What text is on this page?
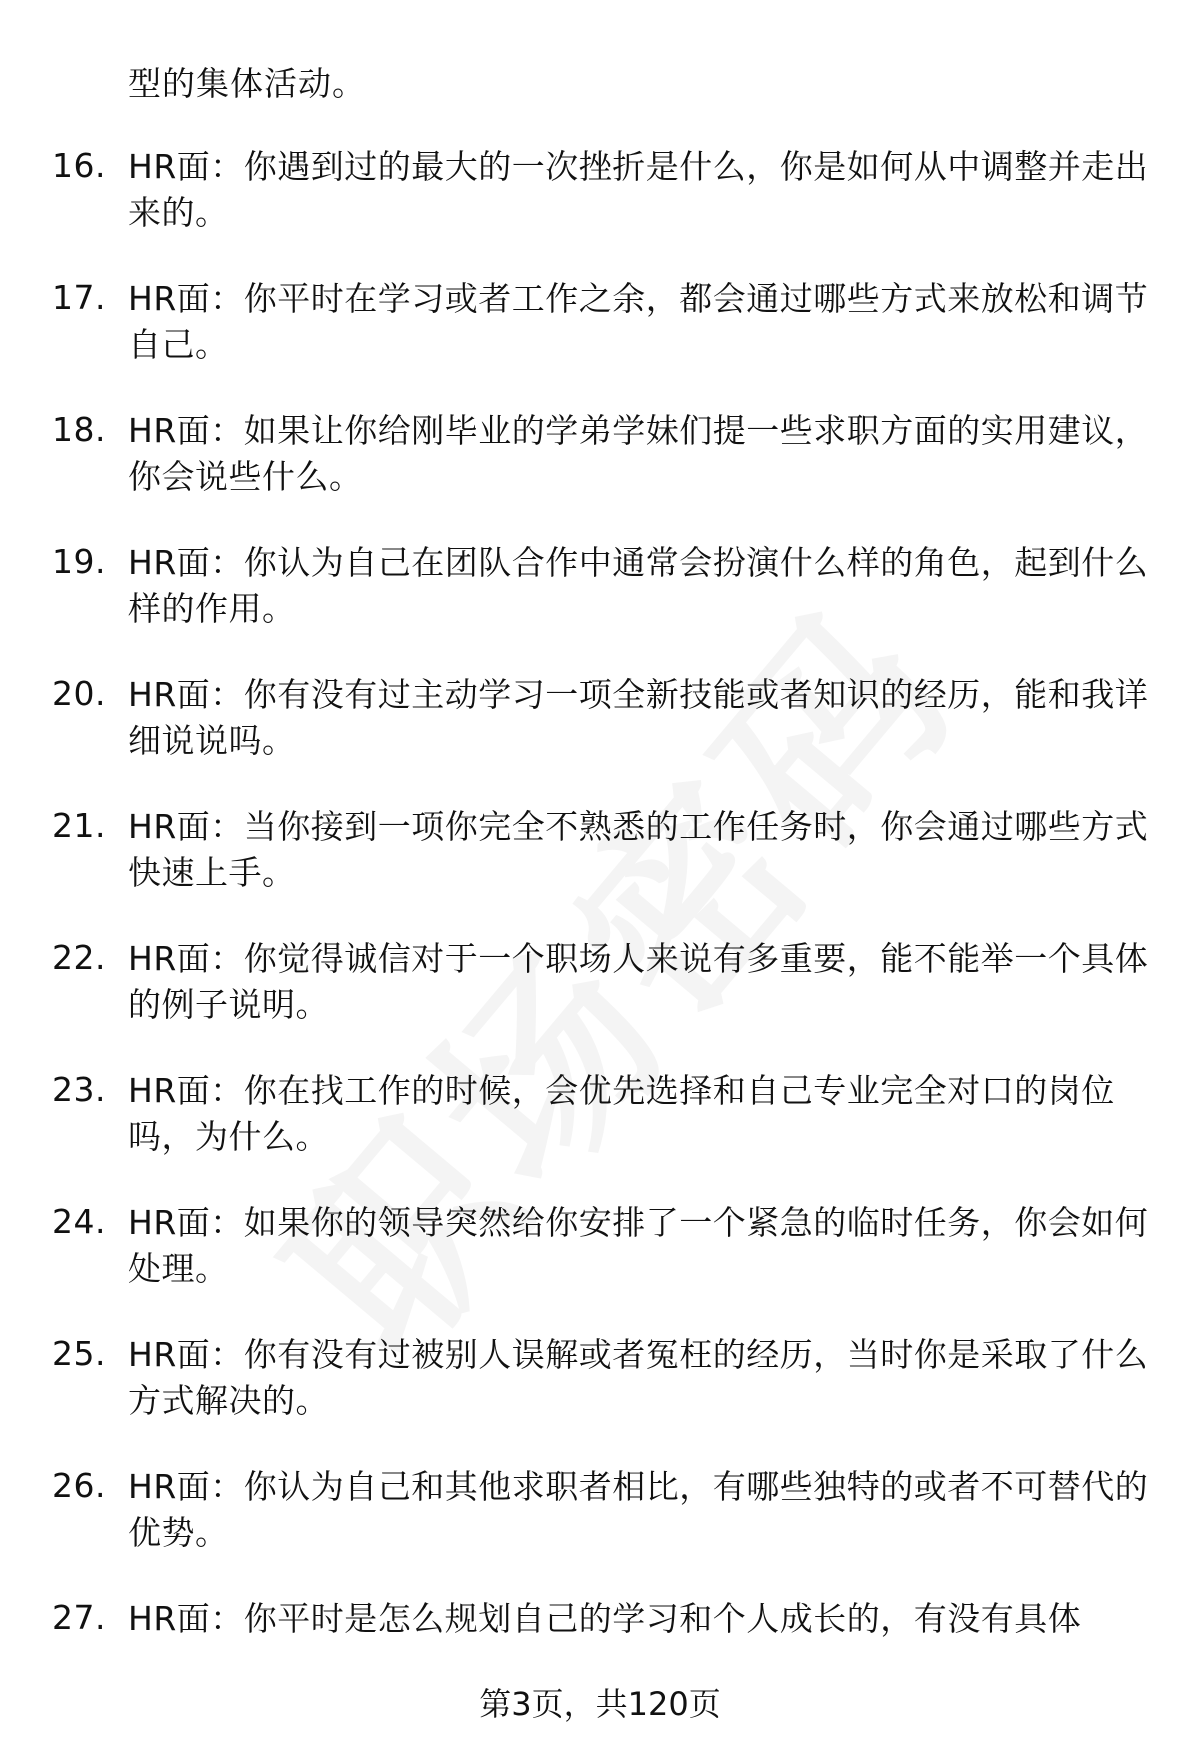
型的集体活动。
16. HR面：你遇到过的最大的一次挫折是什么，你是如何从中调整并走出来的。
17. HR面：你平时在学习或者工作之余，都会通过哪些方式来放松和调节自己。
18. HR面：如果让你给刚毕业的学弟学妹们提一些求职方面的实用建议，你会说些什么。
19. HR面：你认为自己在团队合作中通常会扮演什么样的角色，起到什么样的作用。
20. HR面：你有没有过主动学习一项全新技能或者知识的经历，能和我详细说说吗。
21. HR面：当你接到一项你完全不熟悉的工作任务时，你会通过哪些方式快速上手。
22. HR面：你觉得诚信对于一个职场人来说有多重要，能不能举一个具体的例子说明。
23. HR面：你在找工作的时候，会优先选择和自己专业完全对口的岗位吗，为什么。
24. HR面：如果你的领导突然给你安排了一个紧急的临时任务，你会如何处理。
25. HR面：你有没有过被别人误解或者冤枉的经历，当时你是采取了什么方式解决的。
26. HR面：你认为自己和其他求职者相比，有哪些独特的或者不可替代的优势。
27. HR面：你平时是怎么规划自己的学习和个人成长的，有没有具体
第3页，共120页
